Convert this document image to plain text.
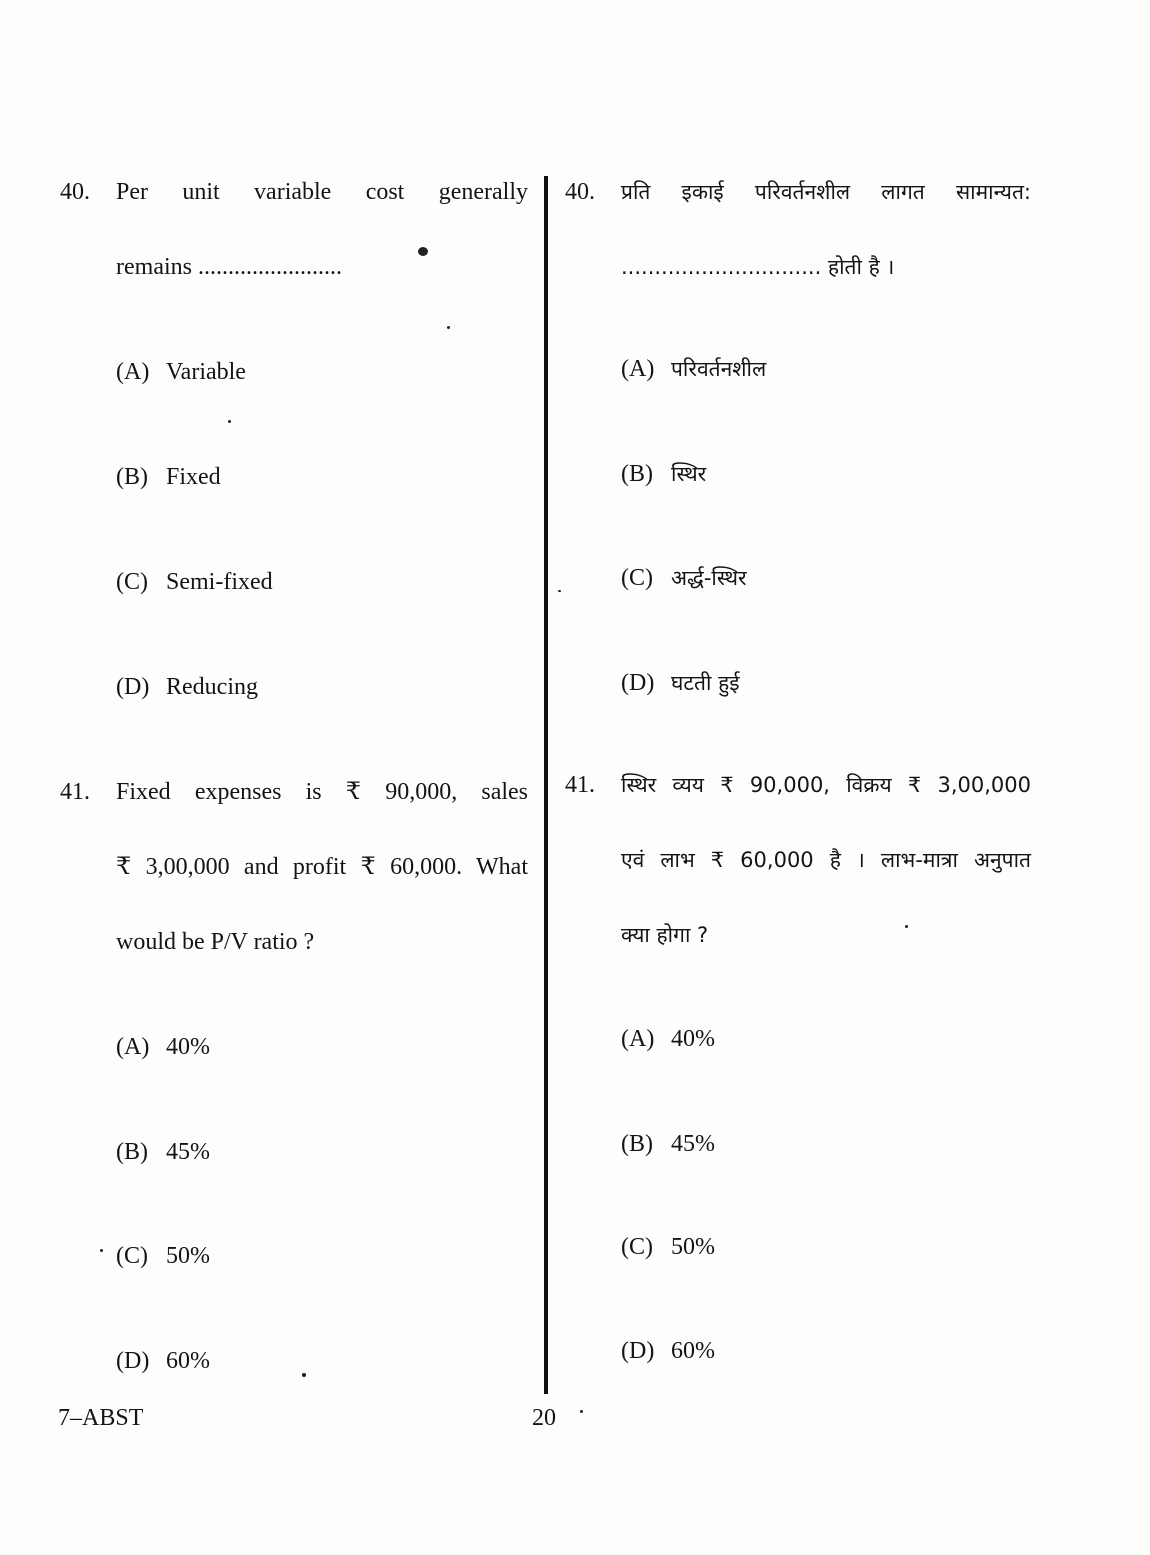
40. Per unit variable cost generally
remains ........................
(A) Variable
(B) Fixed
(C) Semi-fixed
(D) Reducing
41. Fixed expenses is ₹ 90,000, sales
₹ 3,00,000 and profit ₹ 60,000. What
would be P/V ratio ?
(A) 40%
(B) 45%
(C) 50%
(D) 60%
40. प्रति इकाई परिवर्तनशील लागत सामान्यत:
.............................. होती है ।
(A) परिवर्तनशील
(B) स्थिर
(C) अर्द्ध-स्थिर
(D) घटती हुई
41. स्थिर व्यय ₹ 90,000, विक्रय ₹ 3,00,000
एवं लाभ ₹ 60,000 है । लाभ-मात्रा अनुपात
क्या होगा ?
(A) 40%
(B) 45%
(C) 50%
(D) 60%
7–ABST	20
